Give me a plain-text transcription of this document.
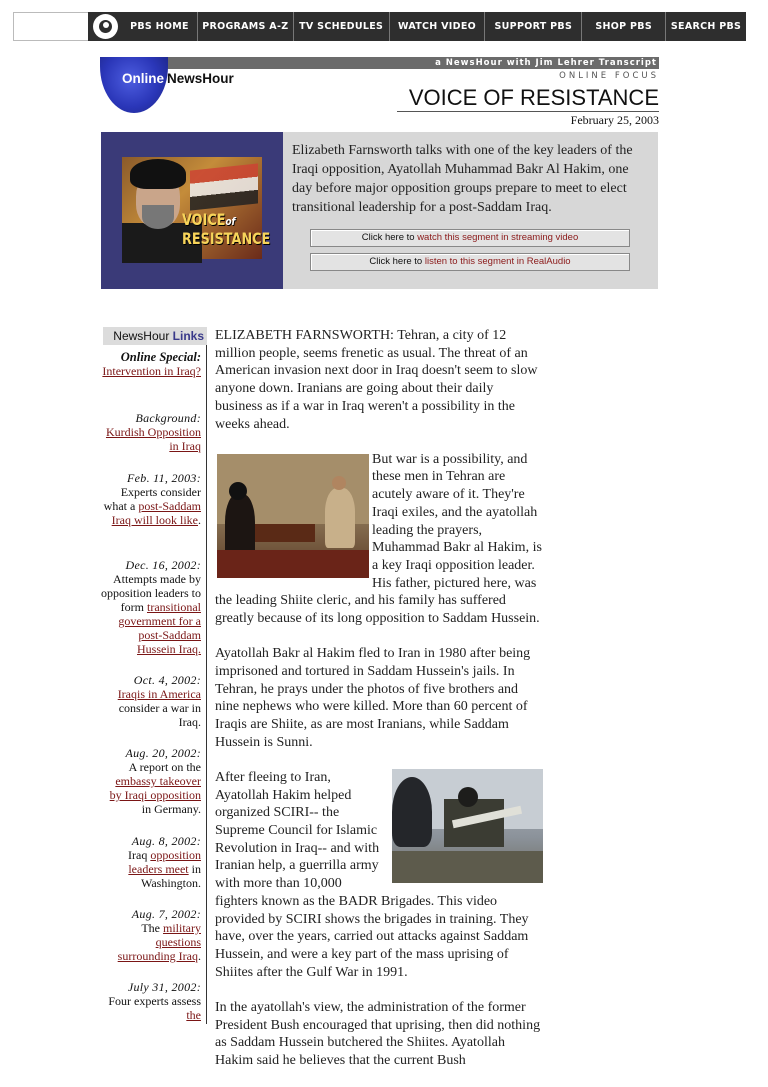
PBS HOME	PROGRAMS A-Z	TV SCHEDULES	WATCH VIDEO	SUPPORT PBS	SHOP PBS	SEARCH PBS
a NewsHour with Jim Lehrer Transcript
Online NewsHour	ONLINE FOCUS
VOICE OF RESISTANCE
February 25, 2003
VOICEof
RESISTANCE
Elizabeth Farnsworth talks with one of the key leaders of the Iraqi opposition, Ayatollah Muhammad Bakr Al Hakim, one day before major opposition groups prepare to meet to elect transitional leadership for a post-Saddam Iraq.
Click here to watch this segment in streaming video
Click here to listen to this segment in RealAudio
NewsHour Links
Online Special:
Intervention in Iraq?
Background:
Kurdish Opposition in Iraq
Feb. 11, 2003:
Experts consider what a post-Saddam Iraq will look like.
Dec. 16, 2002:
Attempts made by opposition leaders to form transitional government for a post-Saddam Hussein Iraq.
Oct. 4, 2002:
Iraqis in America consider a war in Iraq.
Aug. 20, 2002:
A report on the embassy takeover by Iraqi opposition in Germany.
Aug. 8, 2002:
Iraq opposition leaders meet in Washington.
Aug. 7, 2002:
The military questions surrounding Iraq.
July 31, 2002:
Four experts assess the

ELIZABETH FARNSWORTH: Tehran, a city of 12 million people, seems frenetic as usual. The threat of an American invasion next door in Iraq doesn't seem to slow anyone down. Iranians are going about their daily business as if a war in Iraq weren't a possibility in the weeks ahead.

But war is a possibility, and these men in Tehran are acutely aware of it. They're Iraqi exiles, and the ayatollah leading the prayers, Muhammad Bakr al Hakim, is a key Iraqi opposition leader. His father, pictured here, was the leading Shiite cleric, and his family has suffered greatly because of its long opposition to Saddam Hussein.

Ayatollah Bakr al Hakim fled to Iran in 1980 after being imprisoned and tortured in Saddam Hussein's jails. In Tehran, he prays under the photos of five brothers and nine nephews who were killed. More than 60 percent of Iraqis are Shiite, as are most Iranians, while Saddam Hussein is Sunni.

After fleeing to Iran, Ayatollah Hakim helped organized SCIRI-- the Supreme Council for Islamic Revolution in Iraq-- and with Iranian help, a guerrilla army with more than 10,000 fighters known as the BADR Brigades. This video provided by SCIRI shows the brigades in training. They have, over the years, carried out attacks against Saddam Hussein, and were a key part of the mass uprising of Shiites after the Gulf War in 1991.

In the ayatollah's view, the administration of the former President Bush encouraged that uprising, then did nothing as Saddam Hussein butchered the Shiites. Ayatollah Hakim said he believes that the current Bush
